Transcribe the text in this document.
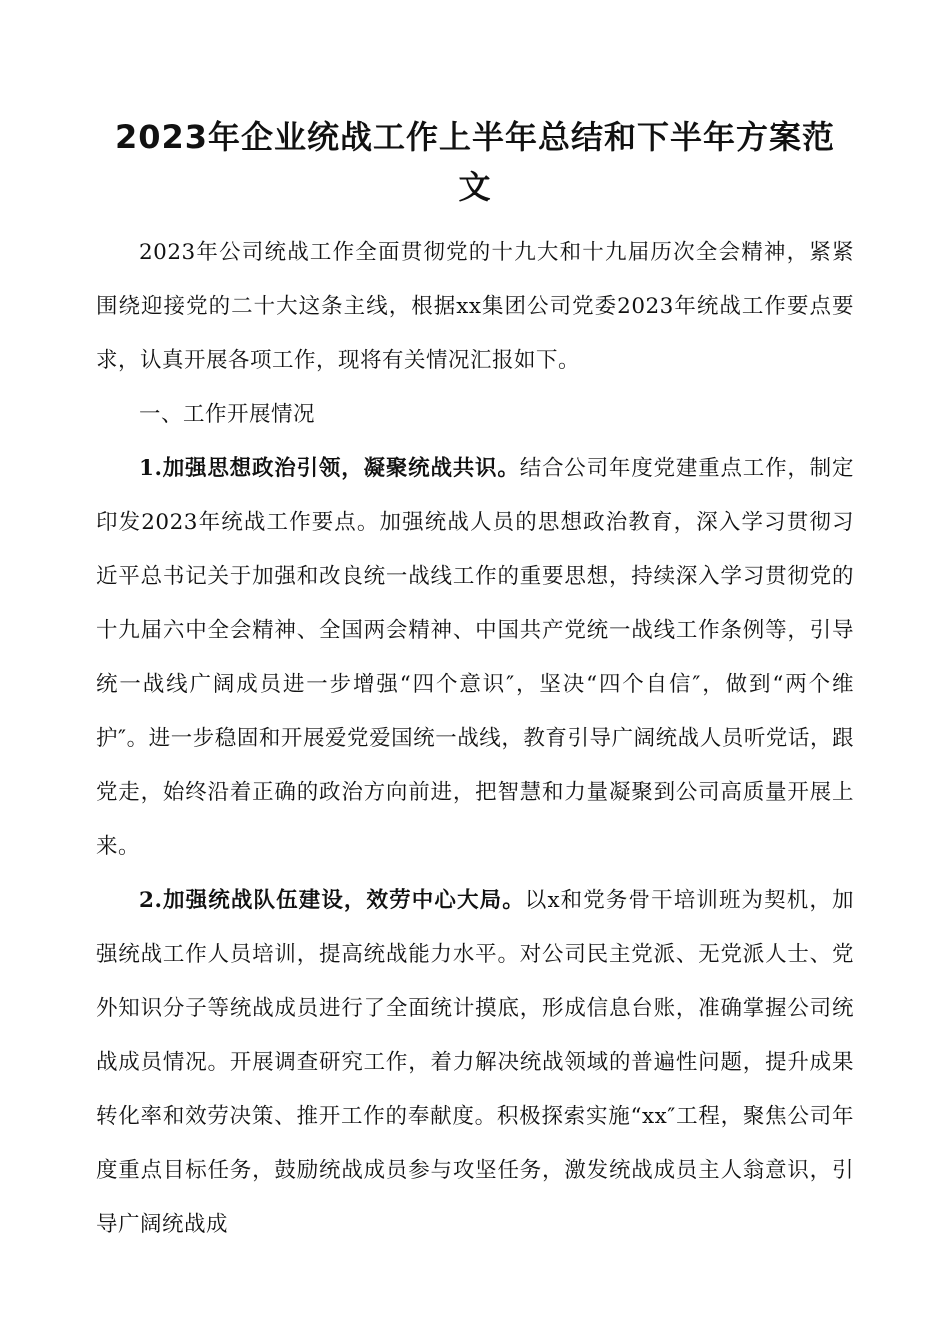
2023年企业统战工作上半年总结和下半年方案范
文

2023年公司统战工作全面贯彻党的十九大和十九届历次全会精神，紧紧围绕迎接党的二十大这条主线，根据xx集团公司党委2023年统战工作要点要求，认真开展各项工作，现将有关情况汇报如下。

一、工作开展情况

1.加强思想政治引领，凝聚统战共识。结合公司年度党建重点工作，制定印发2023年统战工作要点。加强统战人员的思想政治教育，深入学习贯彻习近平总书记关于加强和改良统一战线工作的重要思想，持续深入学习贯彻党的十九届六中全会精神、全国两会精神、中国共产党统一战线工作条例等，引导统一战线广阔成员进一步增强“四个意识″，坚决“四个自信″，做到“两个维护″。进一步稳固和开展爱党爱国统一战线，教育引导广阔统战人员听党话，跟党走，始终沿着正确的政治方向前进，把智慧和力量凝聚到公司高质量开展上来。

2.加强统战队伍建设，效劳中心大局。以x和党务骨干培训班为契机，加强统战工作人员培训，提高统战能力水平。对公司民主党派、无党派人士、党外知识分子等统战成员进行了全面统计摸底，形成信息台账，准确掌握公司统战成员情况。开展调查研究工作，着力解决统战领域的普遍性问题，提升成果转化率和效劳决策、推开工作的奉献度。积极探索实施“xx″工程，聚焦公司年度重点目标任务，鼓励统战成员参与攻坚任务，激发统战成员主人翁意识，引导广阔统战成
